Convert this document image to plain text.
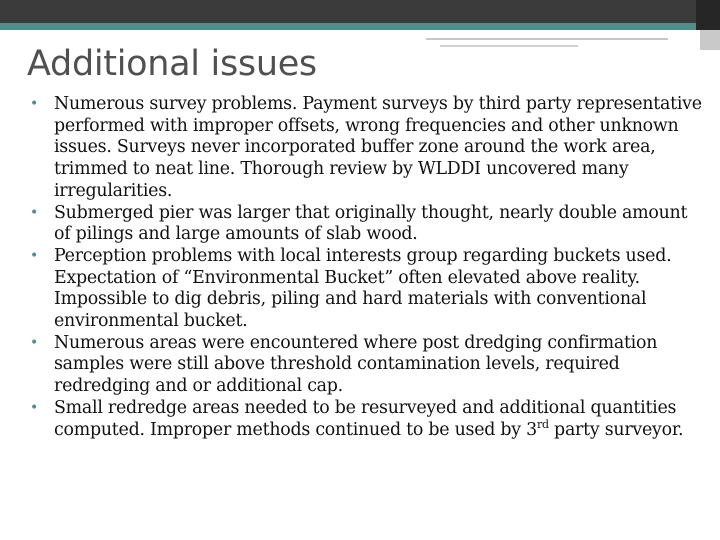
Additional issues
• Numerous survey problems. Payment surveys by third party representative performed with improper offsets, wrong frequencies and other unknown issues. Surveys never incorporated buffer zone around the work area, trimmed to neat line. Thorough review by WLDDI uncovered many irregularities.
• Submerged pier was larger that originally thought, nearly double amount of pilings and large amounts of slab wood.
• Perception problems with local interests group regarding buckets used. Expectation of “Environmental Bucket” often elevated above reality. Impossible to dig debris, piling and hard materials with conventional environmental bucket.
• Numerous areas were encountered where post dredging confirmation samples were still above threshold contamination levels, required redredging and or additional cap.
• Small redredge areas needed to be resurveyed and additional quantities computed. Improper methods continued to be used by 3rd party surveyor.
